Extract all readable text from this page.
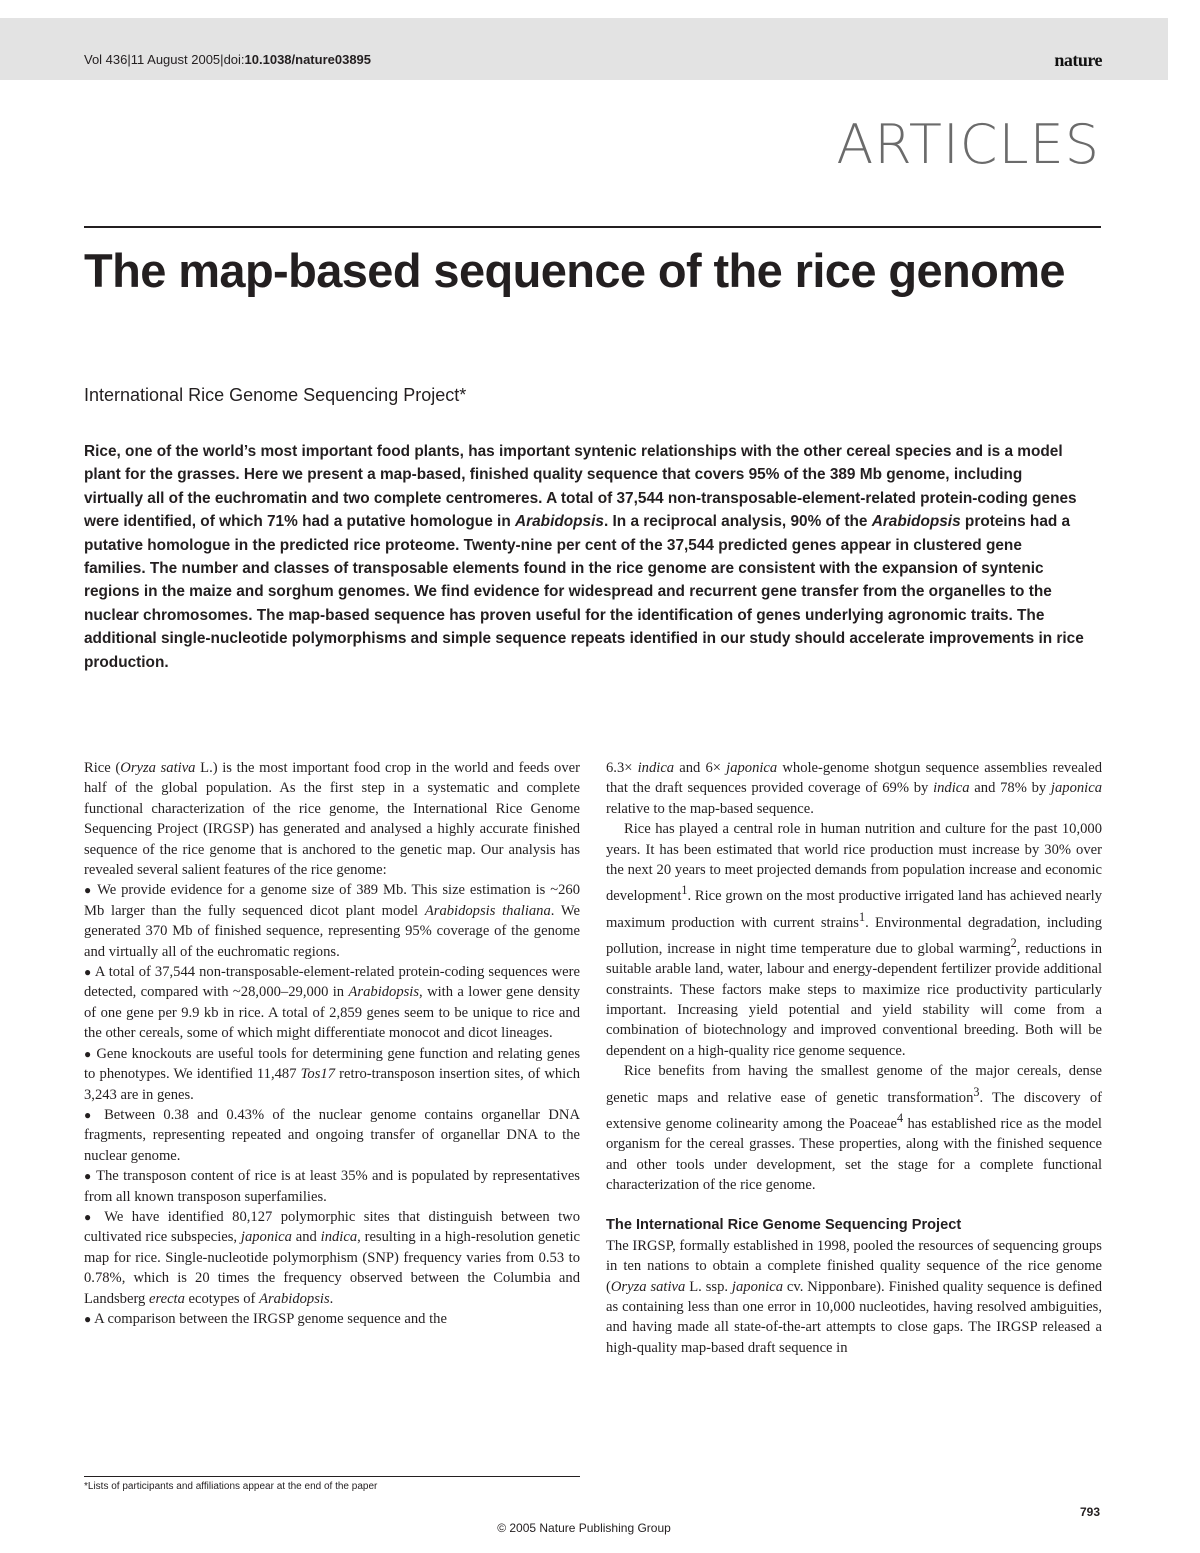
Vol 436|11 August 2005|doi:10.1038/nature03895	nature
ARTICLES
The map-based sequence of the rice genome
International Rice Genome Sequencing Project*

Rice, one of the world’s most important food plants, has important syntenic relationships with the other cereal species and is a model plant for the grasses. Here we present a map-based, finished quality sequence that covers 95% of the 389 Mb genome, including virtually all of the euchromatin and two complete centromeres. A total of 37,544 non-transposable-element-related protein-coding genes were identified, of which 71% had a putative homologue in Arabidopsis. In a reciprocal analysis, 90% of the Arabidopsis proteins had a putative homologue in the predicted rice proteome. Twenty-nine per cent of the 37,544 predicted genes appear in clustered gene families. The number and classes of transposable elements found in the rice genome are consistent with the expansion of syntenic regions in the maize and sorghum genomes. We find evidence for widespread and recurrent gene transfer from the organelles to the nuclear chromosomes. The map-based sequence has proven useful for the identification of genes underlying agronomic traits. The additional single-nucleotide polymorphisms and simple sequence repeats identified in our study should accelerate improvements in rice production.

Rice (Oryza sativa L.) is the most important food crop in the world and feeds over half of the global population. As the first step in a systematic and complete functional characterization of the rice genome, the International Rice Genome Sequencing Project (IRGSP) has generated and analysed a highly accurate finished sequence of the rice genome that is anchored to the genetic map. Our analysis has revealed several salient features of the rice genome:

● We provide evidence for a genome size of 389 Mb. This size estimation is ~260 Mb larger than the fully sequenced dicot plant model Arabidopsis thaliana. We generated 370 Mb of finished sequence, representing 95% coverage of the genome and virtually all of the euchromatic regions.

● A total of 37,544 non-transposable-element-related protein-coding sequences were detected, compared with ~28,000–29,000 in Arabidopsis, with a lower gene density of one gene per 9.9 kb in rice. A total of 2,859 genes seem to be unique to rice and the other cereals, some of which might differentiate monocot and dicot lineages.

● Gene knockouts are useful tools for determining gene function and relating genes to phenotypes. We identified 11,487 Tos17 retro-transposon insertion sites, of which 3,243 are in genes.

● Between 0.38 and 0.43% of the nuclear genome contains organellar DNA fragments, representing repeated and ongoing transfer of organellar DNA to the nuclear genome.

● The transposon content of rice is at least 35% and is populated by representatives from all known transposon superfamilies.

● We have identified 80,127 polymorphic sites that distinguish between two cultivated rice subspecies, japonica and indica, resulting in a high-resolution genetic map for rice. Single-nucleotide polymorphism (SNP) frequency varies from 0.53 to 0.78%, which is 20 times the frequency observed between the Columbia and Landsberg erecta ecotypes of Arabidopsis.

● A comparison between the IRGSP genome sequence and the

6.3× indica and 6× japonica whole-genome shotgun sequence assemblies revealed that the draft sequences provided coverage of 69% by indica and 78% by japonica relative to the map-based sequence.

Rice has played a central role in human nutrition and culture for the past 10,000 years. It has been estimated that world rice production must increase by 30% over the next 20 years to meet projected demands from population increase and economic development$^1$. Rice grown on the most productive irrigated land has achieved nearly maximum production with current strains$^1$. Environmental degradation, including pollution, increase in night time temperature due to global warming$^2$, reductions in suitable arable land, water, labour and energy-dependent fertilizer provide additional constraints. These factors make steps to maximize rice productivity particularly important. Increasing yield potential and yield stability will come from a combination of biotechnology and improved conventional breeding. Both will be dependent on a high-quality rice genome sequence.

Rice benefits from having the smallest genome of the major cereals, dense genetic maps and relative ease of genetic transformation$^3$. The discovery of extensive genome colinearity among the Poaceae$^4$ has established rice as the model organism for the cereal grasses. These properties, along with the finished sequence and other tools under development, set the stage for a complete functional characterization of the rice genome.

The International Rice Genome Sequencing Project

The IRGSP, formally established in 1998, pooled the resources of sequencing groups in ten nations to obtain a complete finished quality sequence of the rice genome (Oryza sativa L. ssp. japonica cv. Nipponbare). Finished quality sequence is defined as containing less than one error in 10,000 nucleotides, having resolved ambiguities, and having made all state-of-the-art attempts to close gaps. The IRGSP released a high-quality map-based draft sequence in

*Lists of participants and affiliations appear at the end of the paper
793
© 2005 Nature Publishing Group
